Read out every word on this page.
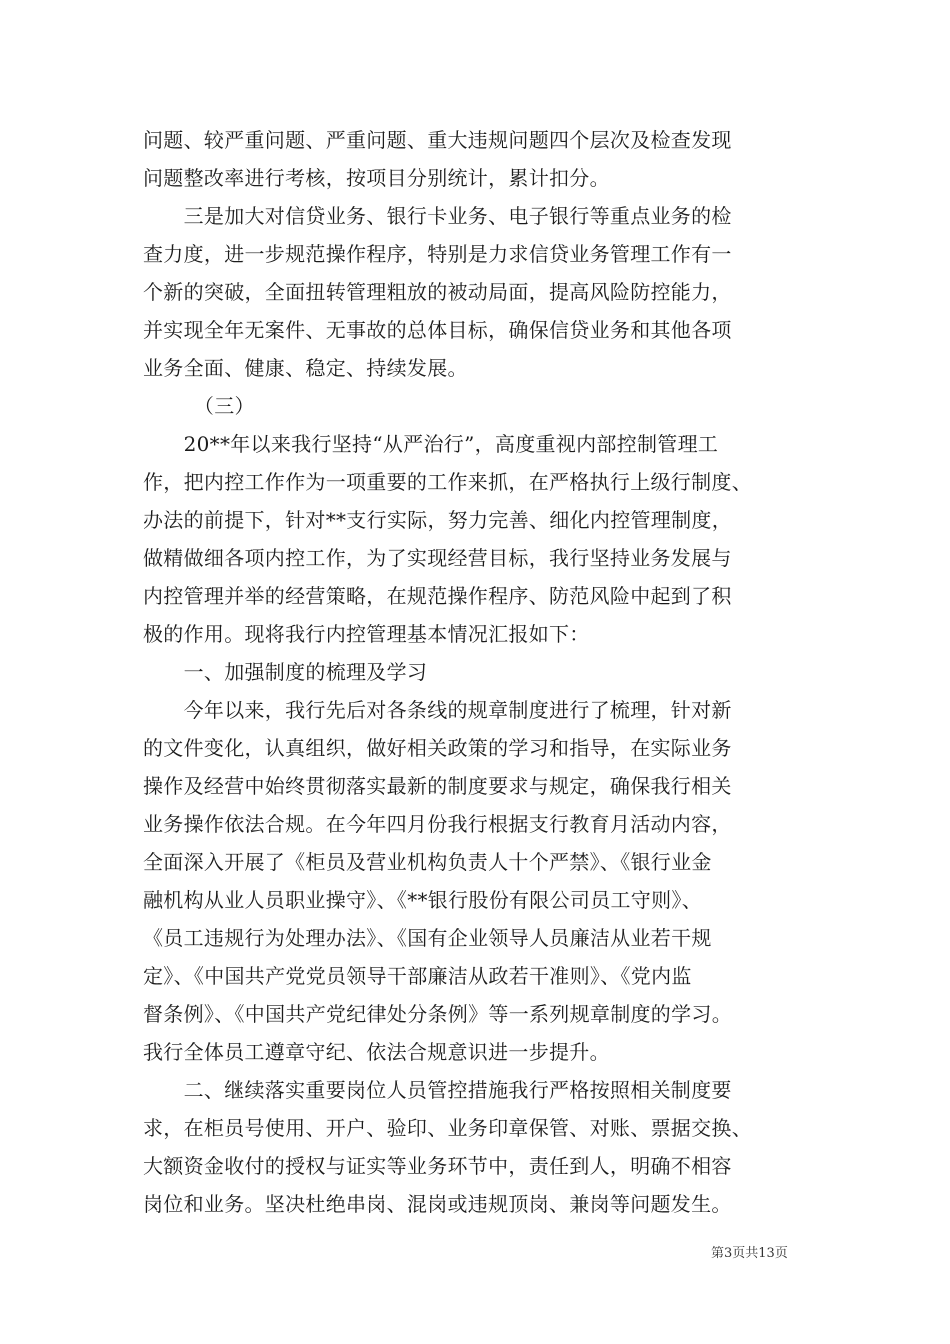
问题、较严重问题、严重问题、重大违规问题四个层次及检查发现
问题整改率进行考核，按项目分别统计，累计扣分。
　　三是加大对信贷业务、银行卡业务、电子银行等重点业务的检
查力度，进一步规范操作程序，特别是力求信贷业务管理工作有一
个新的突破，全面扭转管理粗放的被动局面，提高风险防控能力，
并实现全年无案件、无事故的总体目标，确保信贷业务和其他各项
业务全面、健康、稳定、持续发展。
　　　（三）
　　20**年以来我行坚持“从严治行”，高度重视内部控制管理工
作，把内控工作作为一项重要的工作来抓，在严格执行上级行制度、
办法的前提下，针对**支行实际，努力完善、细化内控管理制度，
做精做细各项内控工作，为了实现经营目标，我行坚持业务发展与
内控管理并举的经营策略，在规范操作程序、防范风险中起到了积
极的作用。现将我行内控管理基本情况汇报如下：
　　一、加强制度的梳理及学习
　　今年以来，我行先后对各条线的规章制度进行了梳理，针对新
的文件变化，认真组织，做好相关政策的学习和指导，在实际业务
操作及经营中始终贯彻落实最新的制度要求与规定，确保我行相关
业务操作依法合规。在今年四月份我行根据支行教育月活动内容，
全面深入开展了《柜员及营业机构负责人十个严禁》、《银行业金
融机构从业人员职业操守》、《**银行股份有限公司员工守则》、
《员工违规行为处理办法》、《国有企业领导人员廉洁从业若干规
定》、《中国共产党党员领导干部廉洁从政若干准则》、《党内监
督条例》、《中国共产党纪律处分条例》等一系列规章制度的学习。
我行全体员工遵章守纪、依法合规意识进一步提升。
　　二、继续落实重要岗位人员管控措施我行严格按照相关制度要
求，在柜员号使用、开户、验印、业务印章保管、对账、票据交换、
大额资金收付的授权与证实等业务环节中，责任到人，明确不相容
岗位和业务。坚决杜绝串岗、混岗或违规顶岗、兼岗等问题发生。
第3页共13页
